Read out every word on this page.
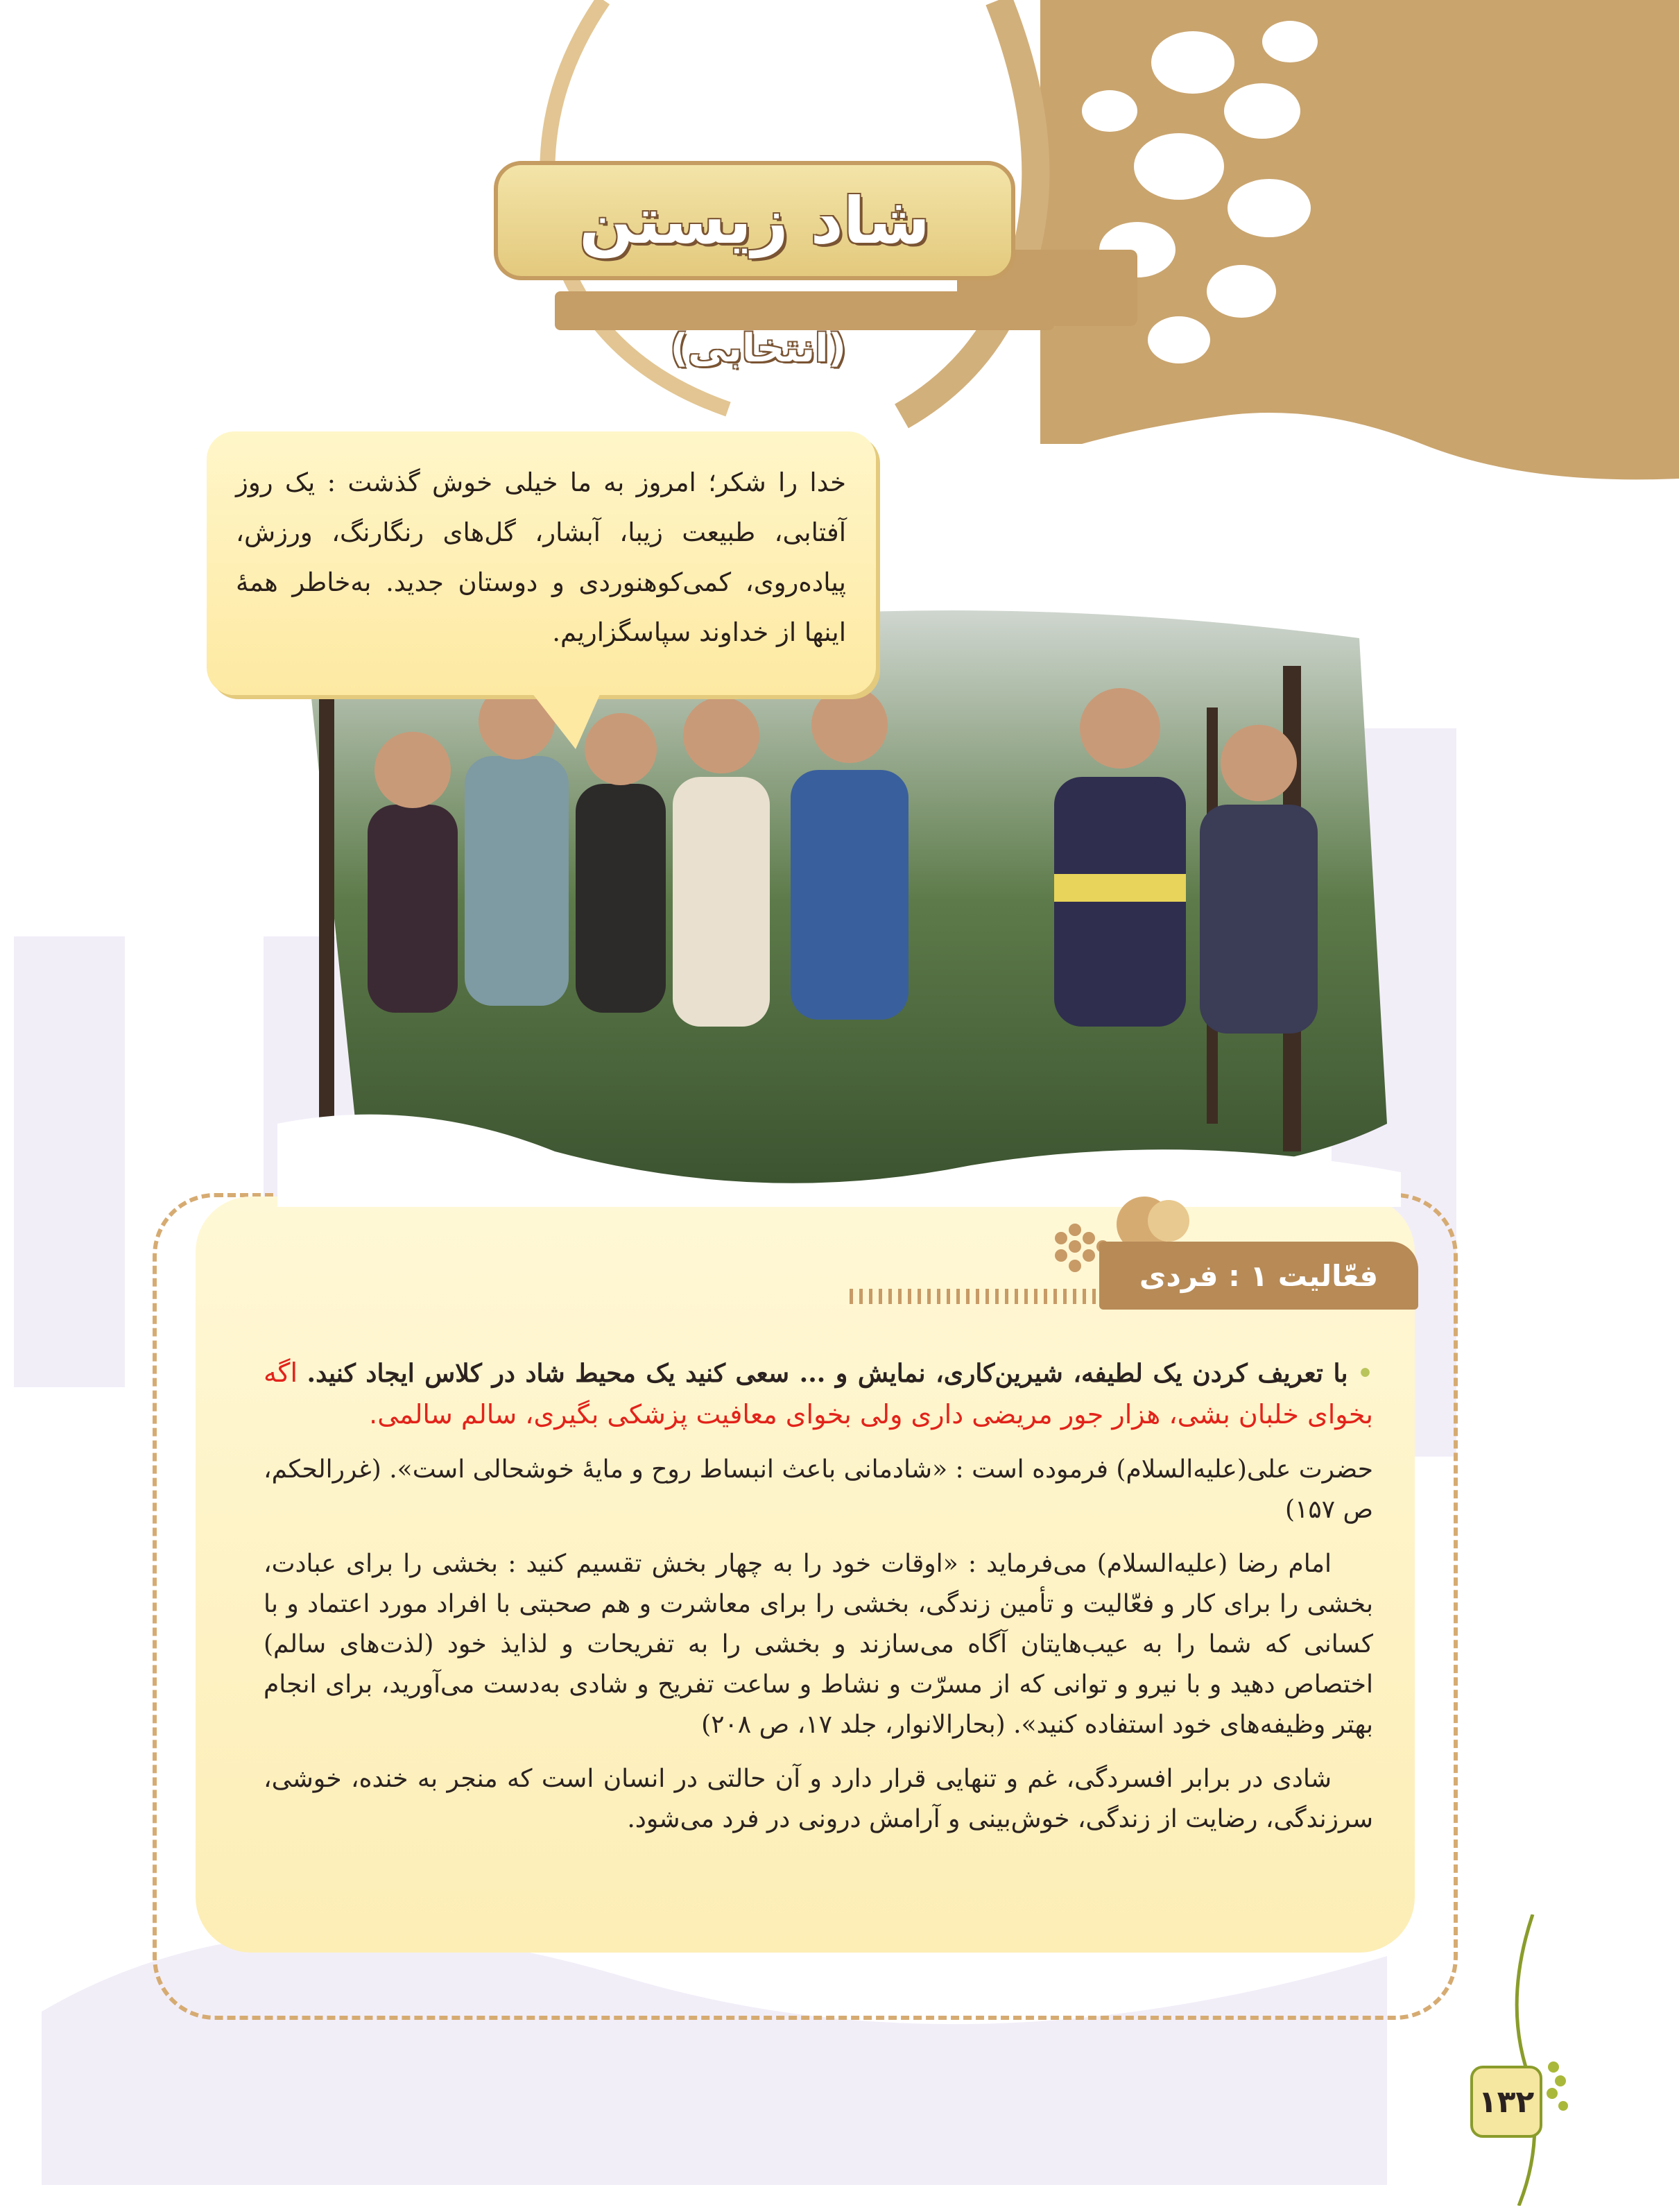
شاد زیستن
(انتخابی)
خدا را شکر؛ امروز به ما خیلی خوش گذشت : یک روز آفتابی، طبیعت زیبا، آبشار، گل‌های رنگارنگ، ورزش، پیاده‌روی، کمی‌کوهنوردی و دوستان جدید. به‌خاطر همهٔ اینها از خداوند سپاسگزاریم.
فعّالیت ۱ : فردی

• با تعریف کردن یک لطیفه، شیرین‌کاری، نمایش و ... سعی کنید یک محیط شاد در کلاس ایجاد کنید. اگه بخوای خلبان بشی، هزار جور مریضی داری ولی بخوای معافیت پزشکی بگیری، سالم سالمی.

حضرت علی(علیه‌السلام) فرموده است : «شادمانی باعث انبساط روح و مایهٔ خوشحالی است». (غررالحکم، ص ۱۵۷)

امام رضا (علیه‌السلام) می‌فرماید : «اوقات خود را به چهار بخش تقسیم کنید : بخشی را برای عبادت، بخشی را برای کار و فعّالیت و تأمین زندگی، بخشی را برای معاشرت و هم صحبتی با افراد مورد اعتماد و با کسانی که شما را به عیب‌هایتان آگاه می‌سازند و بخشی را به تفریحات و لذایذ خود (لذت‌های سالم) اختصاص دهید و با نیرو و توانی که از مسرّت و نشاط و ساعت تفریح و شادی به‌دست می‌آورید، برای انجام بهتر وظیفه‌های خود استفاده کنید». (بحارالانوار، جلد ۱۷، ص ۲۰۸)

شادی در برابر افسردگی، غم و تنهایی قرار دارد و آن حالتی در انسان است که منجر به خنده، خوشی، سرزندگی، رضایت از زندگی، خوش‌بینی و آرامش درونی در فرد می‌شود.

۱۳۲
